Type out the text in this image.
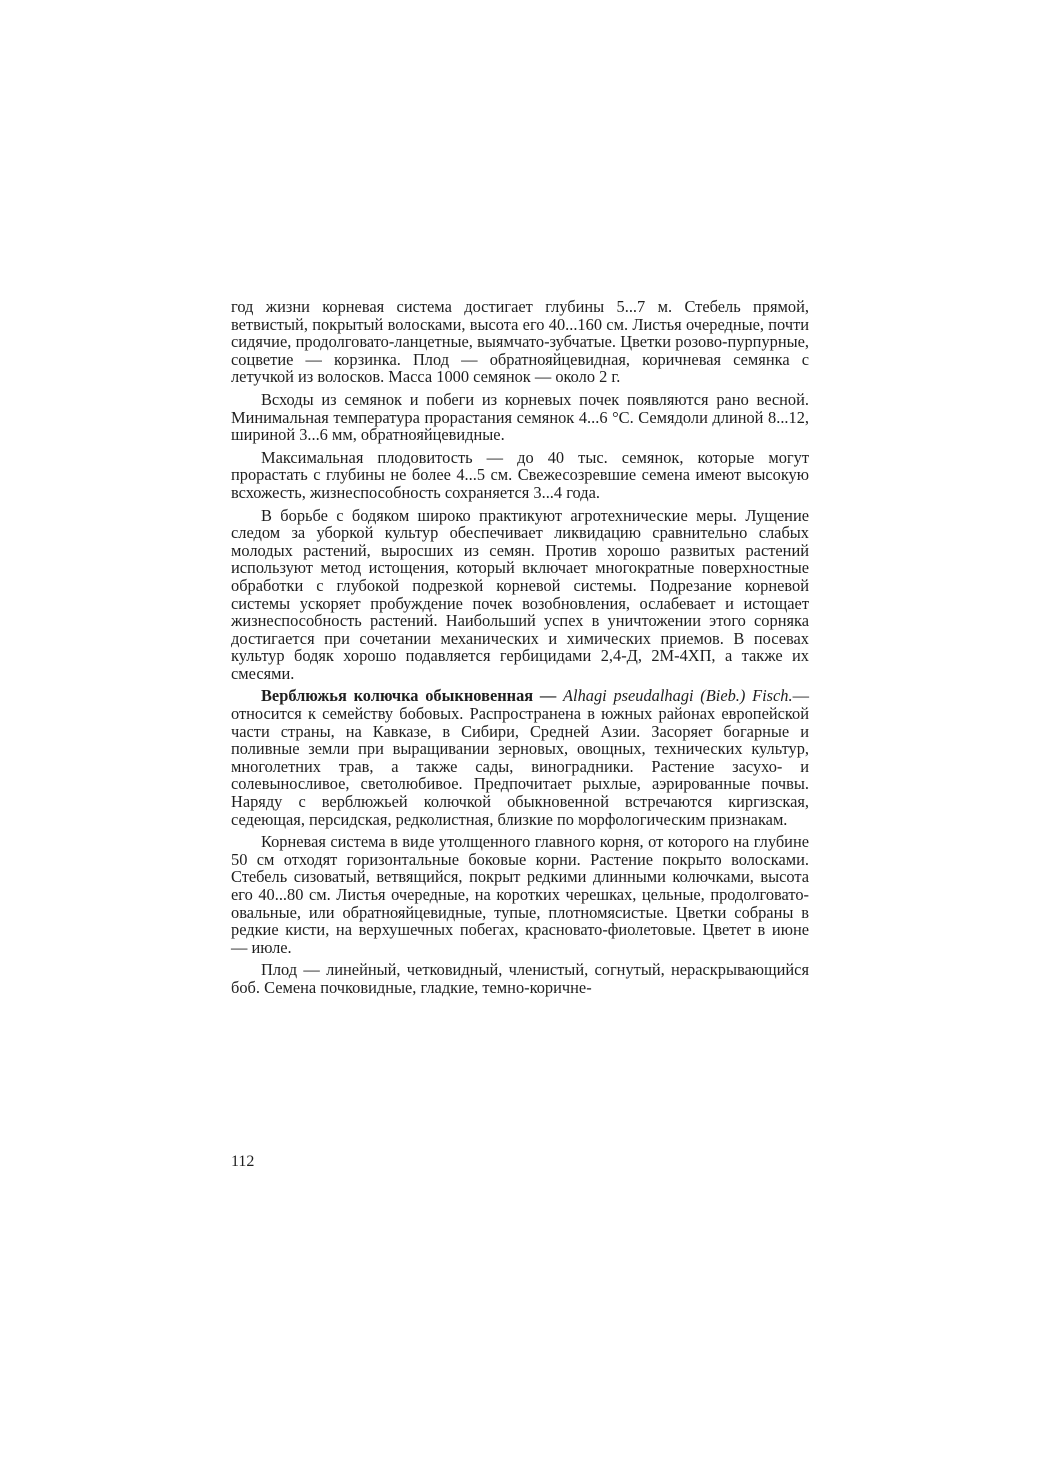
год жизни корневая система достигает глубины 5...7 м. Стебель прямой, ветвистый, покрытый волосками, высота его 40...160 см. Листья очередные, почти сидячие, продолговато-ланцетные, выямчато-зубчатые. Цветки розово-пурпурные, соцветие — корзинка. Плод — обратнояйцевидная, коричневая семянка с летучкой из волосков. Масса 1000 семянок — около 2 г.

Всходы из семянок и побеги из корневых почек появляются рано весной. Минимальная температура прорастания семянок 4...6 °С. Семядоли длиной 8...12, шириной 3...6 мм, обратнояйцевидные.

Максимальная плодовитость — до 40 тыс. семянок, которые могут прорастать с глубины не более 4...5 см. Свежесозревшие семена имеют высокую всхожесть, жизнеспособность сохраняется 3...4 года.

В борьбе с бодяком широко практикуют агротехнические меры. Лущение следом за уборкой культур обеспечивает ликвидацию сравнительно слабых молодых растений, выросших из семян. Против хорошо развитых растений используют метод истощения, который включает многократные поверхностные обработки с глубокой подрезкой корневой системы. Подрезание корневой системы ускоряет пробуждение почек возобновления, ослабевает и истощает жизнеспособность растений. Наибольший успех в уничтожении этого сорняка достигается при сочетании механических и химических приемов. В посевах культур бодяк хорошо подавляется гербицидами 2,4-Д, 2М-4ХП, а также их смесями.

Верблюжья колючка обыкновенная — Alhagi pseudalhagi (Bieb.) Fisch.— относится к семейству бобовых. Распространена в южных районах европейской части страны, на Кавказе, в Сибири, Средней Азии. Засоряет богарные и поливные земли при выращивании зерновых, овощных, технических культур, многолетних трав, а также сады, виноградники. Растение засухо- и солевыносливое, светолюбивое. Предпочитает рыхлые, аэрированные почвы. Наряду с верблюжьей колючкой обыкновенной встречаются киргизская, седеющая, персидская, редколистная, близкие по морфологическим признакам.

Корневая система в виде утолщенного главного корня, от которого на глубине 50 см отходят горизонтальные боковые корни. Растение покрыто волосками. Стебель сизоватый, ветвящийся, покрыт редкими длинными колючками, высота его 40...80 см. Листья очередные, на коротких черешках, цельные, продолговато-овальные, или обратнояйцевидные, тупые, плотномясистые. Цветки собраны в редкие кисти, на верхушечных побегах, красновато-фиолетовые. Цветет в июне — июле.

Плод — линейный, четковидный, членистый, согнутый, нераскрывающийся боб. Семена почковидные, гладкие, темно-коричне-

112
